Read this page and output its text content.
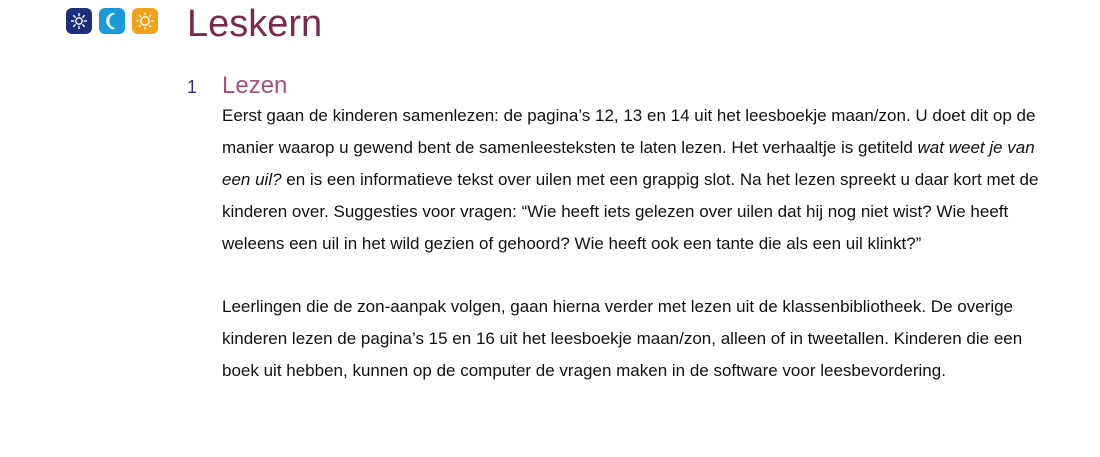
Leskern
1 Lezen

Eerst gaan de kinderen samenlezen: de pagina’s 12, 13 en 14 uit het leesboekje maan/zon. U doet dit op de manier waarop u gewend bent de samenleesteksten te laten lezen. Het verhaaltje is getiteld wat weet je van een uil? en is een informatieve tekst over uilen met een grappig slot. Na het lezen spreekt u daar kort met de kinderen over. Suggesties voor vragen: “Wie heeft iets gelezen over uilen dat hij nog niet wist? Wie heeft weleens een uil in het wild gezien of gehoord? Wie heeft ook een tante die als een uil klinkt?”

Leerlingen die de zon-aanpak volgen, gaan hierna verder met lezen uit de klassenbibliotheek. De overige kinderen lezen de pagina’s 15 en 16 uit het leesboekje maan/zon, alleen of in tweetallen. Kinderen die een boek uit hebben, kunnen op de computer de vragen maken in de software voor leesbevordering.
